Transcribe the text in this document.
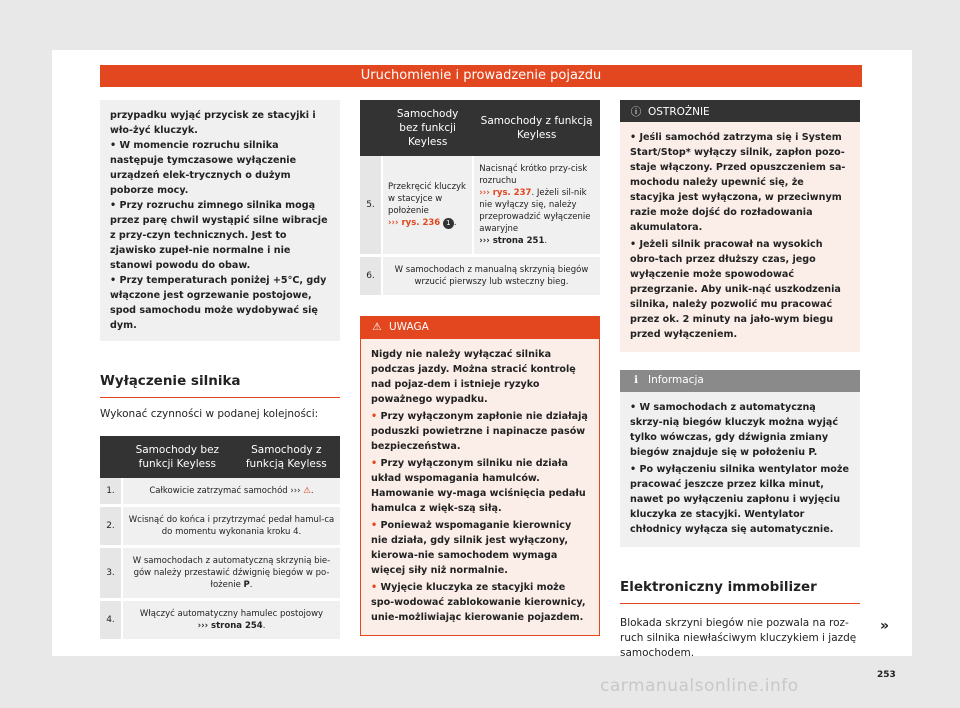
Uruchomienie i prowadzenie pojazdu

przypadku wyjąć przycisk ze stacyjki i wło-żyć kluczyk.

• W momencie rozruchu silnika następuje tymczasowe wyłączenie urządzeń elek-trycznych o dużym poborze mocy.

• Przy rozruchu zimnego silnika mogą przez parę chwil wystąpić silne wibracje z przy-czyn technicznych. Jest to zjawisko zupeł-nie normalne i nie stanowi powodu do obaw.

• Przy temperaturach poniżej +5°C, gdy włączone jest ogrzewanie postojowe, spod samochodu może wydobywać się dym.

Wyłączenie silnika
Wykonać czynności w podanej kolejności:
	Samochody bez funkcji Keyless	Samochody z funkcją Keyless
1.	Całkowicie zatrzymać samochód ››› ⚠.	
2.	Wcisnąć do końca i przytrzymać pedał hamul-ca do momentu wykonania kroku 4.	
3.	W samochodach z automatyczną skrzynią bie-gów należy przestawić dźwignię biegów w po-łożenie P.	
4.	Włączyć automatyczny hamulec postojowy
››› strona 254.	
	Samochody bez funkcji Keyless	Samochody z funkcją Keyless
5.	Przekręcić kluczyk w stacyjce w położenie
››› rys. 236 1 .	Nacisnąć krótko przy-cisk rozruchu
››› rys. 237. Jeżeli sil-nik nie wyłączy się, należy przeprowadzić wyłączenie awaryjne
››› strona 251.
6.	W samochodach z manualną skrzynią biegów wrzucić pierwszy lub wsteczny bieg.	
⚠ UWAGA

Nigdy nie należy wyłączać silnika podczas jazdy. Można stracić kontrolę nad pojaz-dem i istnieje ryzyko poważnego wypadku.

• Przy wyłączonym zapłonie nie działają poduszki powietrzne i napinacze pasów bezpieczeństwa.

• Przy wyłączonym silniku nie działa układ wspomagania hamulców. Hamowanie wy-maga wciśnięcia pedału hamulca z więk-szą siłą.

• Ponieważ wspomaganie kierownicy nie działa, gdy silnik jest wyłączony, kierowa-nie samochodem wymaga więcej siły niż normalnie.

• Wyjęcie kluczyka ze stacyjki może spo-wodować zablokowanie kierownicy, unie-możliwiając kierowanie pojazdem.

ⓘ OSTROŻNIE

• Jeśli samochód zatrzyma się i System Start/Stop* wyłączy silnik, zapłon pozo-staje włączony. Przed opuszczeniem sa-mochodu należy upewnić się, że stacyjka jest wyłączona, w przeciwnym razie może dojść do rozładowania akumulatora.

• Jeżeli silnik pracował na wysokich obro-tach przez dłuższy czas, jego wyłączenie może spowodować przegrzanie. Aby unik-nąć uszkodzenia silnika, należy pozwolić mu pracować przez ok. 2 minuty na jało-wym biegu przed wyłączeniem.

ℹ Informacja

• W samochodach z automatyczną skrzy-nią biegów kluczyk można wyjąć tylko wówczas, gdy dźwignia zmiany biegów znajduje się w położeniu P.

• Po wyłączeniu silnika wentylator może pracować jeszcze przez kilka minut, nawet po wyłączeniu zapłonu i wyjęciu kluczyka ze stacyjki. Wentylator chłodnicy wyłącza się automatycznie.

Elektroniczny immobilizer
Blokada skrzyni biegów nie pozwala na roz-ruch silnika niewłaściwym kluczykiem i jazdę samochodem.
»
253
carmanualsonline.info
